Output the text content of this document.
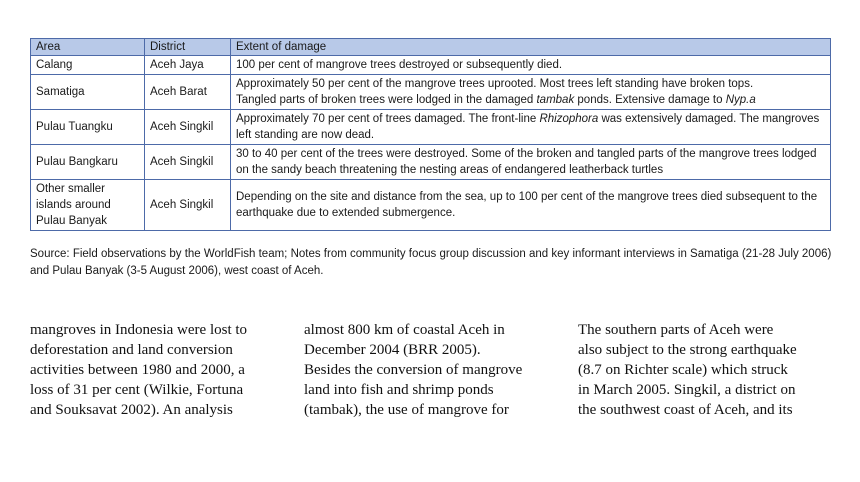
Area	District	Extent of damage
Calang	Aceh Jaya	100 per cent of mangrove trees destroyed or subsequently died.
Samatiga	Aceh Barat	Approximately 50 per cent of the mangrove trees uprooted. Most trees left standing have broken tops.
Tangled parts of broken trees were lodged in the damaged tambak ponds. Extensive damage to Nyp.a
Pulau Tuangku	Aceh Singkil	Approximately 70 per cent of trees damaged. The front-line Rhizophora was extensively damaged. The mangroves left standing are now dead.
Pulau Bangkaru	Aceh Singkil	30 to 40 per cent of the trees were destroyed. Some of the broken and tangled parts of the mangrove trees lodged on the sandy beach threatening the nesting areas of endangered leatherback turtles
Other smaller
islands around
Pulau Banyak	Aceh Singkil	Depending on the site and distance from the sea, up to 100 per cent of the mangrove trees died subsequent to the earthquake due to extended submergence.

Source: Field observations by the WorldFish team; Notes from community focus group discussion and key informant interviews in Samatiga (21-28 July 2006) and Pulau Banyak (3-5 August 2006), west coast of Aceh.

mangroves in Indonesia were lost to
deforestation and land conversion
activities between 1980 and 2000, a
loss of 31 per cent (Wilkie, Fortuna
and Souksavat 2002). An analysis
almost 800 km of coastal Aceh in
December 2004 (BRR 2005).
Besides the conversion of mangrove
land into fish and shrimp ponds
(tambak), the use of mangrove for
The southern parts of Aceh were
also subject to the strong earthquake
(8.7 on Richter scale) which struck
in March 2005. Singkil, a district on
the southwest coast of Aceh, and its
